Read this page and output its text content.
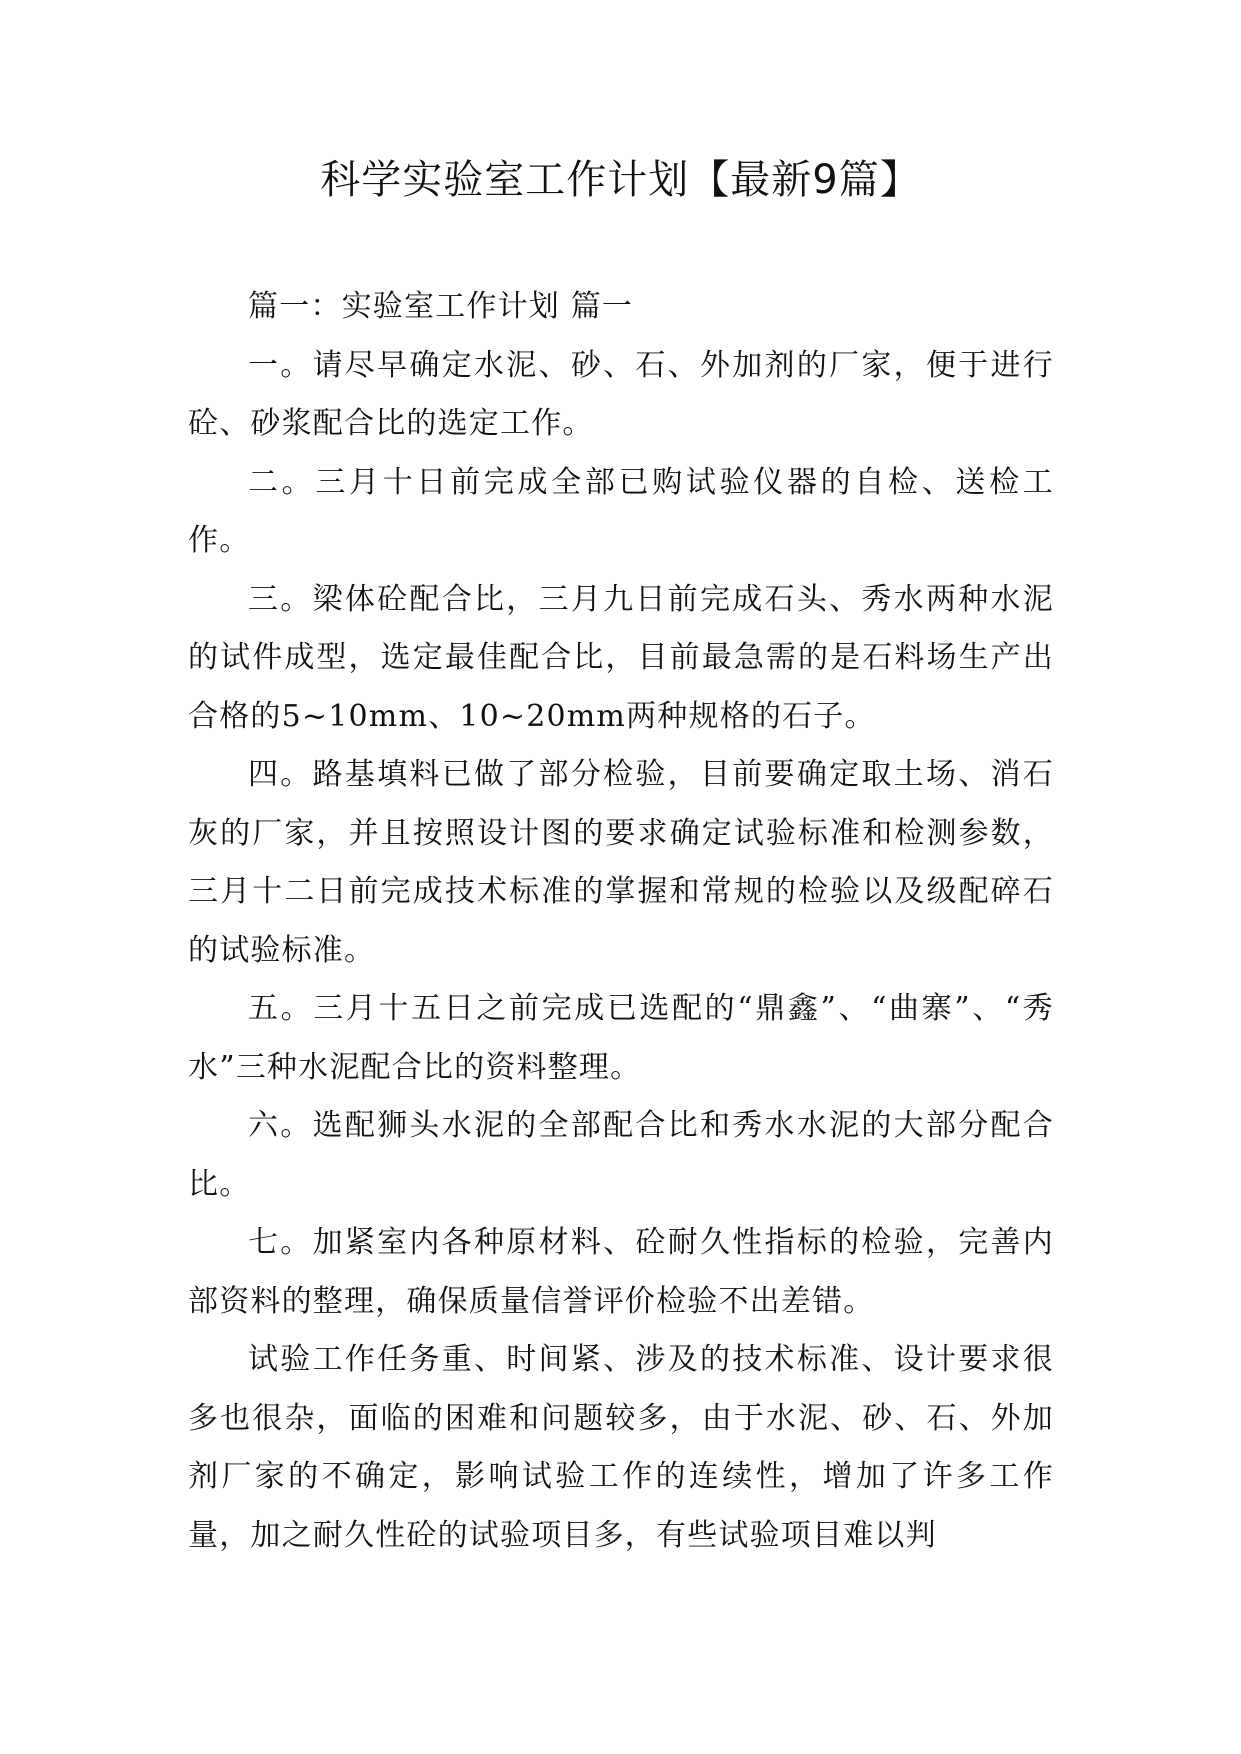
科学实验室工作计划【最新9篇】

篇一：实验室工作计划 篇一

一。请尽早确定水泥、砂、石、外加剂的厂家，便于进行砼、砂浆配合比的选定工作。

二。三月十日前完成全部已购试验仪器的自检、送检工作。

三。梁体砼配合比，三月九日前完成石头、秀水两种水泥的试件成型，选定最佳配合比，目前最急需的是石料场生产出合格的5~10mm、10~20mm两种规格的石子。

四。路基填料已做了部分检验，目前要确定取土场、消石灰的厂家，并且按照设计图的要求确定试验标准和检测参数，三月十二日前完成技术标准的掌握和常规的检验以及级配碎石的试验标准。

五。三月十五日之前完成已选配的“鼎鑫”、“曲寨”、“秀水”三种水泥配合比的资料整理。

六。选配狮头水泥的全部配合比和秀水水泥的大部分配合比。

七。加紧室内各种原材料、砼耐久性指标的检验，完善内部资料的整理，确保质量信誉评价检验不出差错。

试验工作任务重、时间紧、涉及的技术标准、设计要求很多也很杂，面临的困难和问题较多，由于水泥、砂、石、外加剂厂家的不确定，影响试验工作的连续性，增加了许多工作量，加之耐久性砼的试验项目多，有些试验项目难以判
